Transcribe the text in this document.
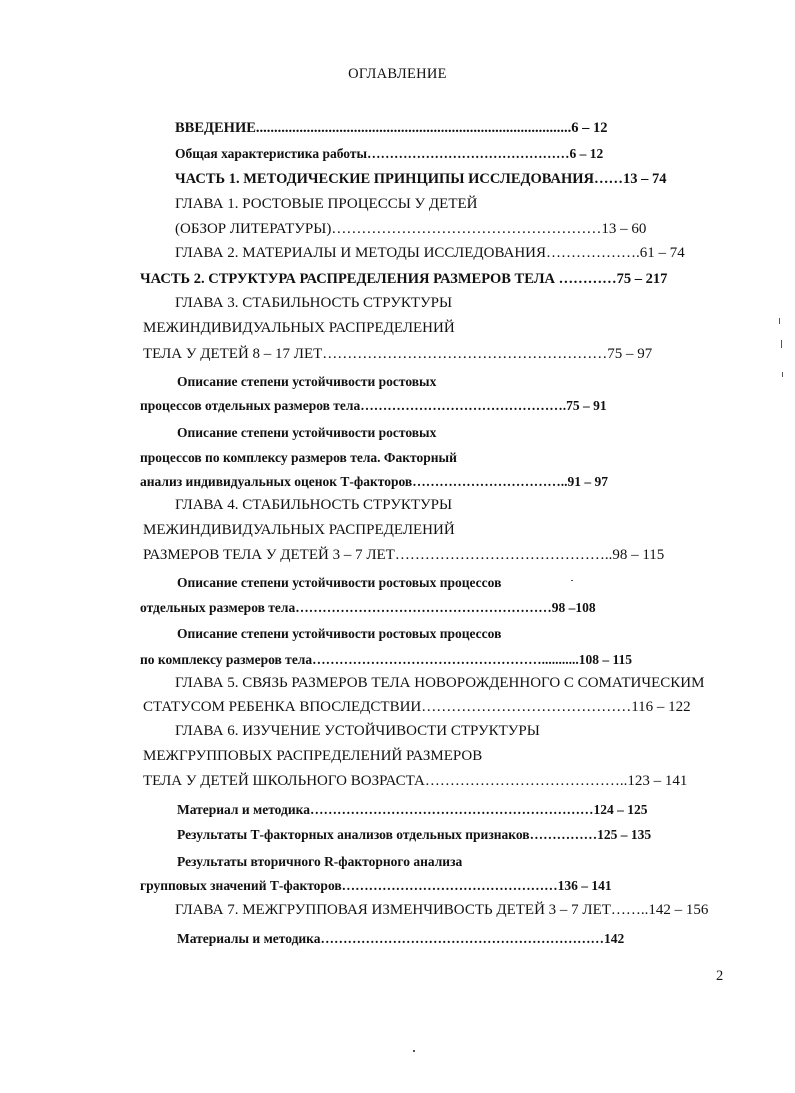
ОГЛАВЛЕНИЕ
ВВЕДЕНИЕ.......................................................................................6 – 12
Общая характеристика работы………………………………………6 – 12
ЧАСТЬ 1. МЕТОДИЧЕСКИЕ ПРИНЦИПЫ ИССЛЕДОВАНИЯ……13 – 74
ГЛАВА 1. РОСТОВЫЕ ПРОЦЕССЫ У ДЕТЕЙ
(ОБЗОР ЛИТЕРАТУРЫ)………………………………………………13 – 60
ГЛАВА 2. МАТЕРИАЛЫ И МЕТОДЫ ИССЛЕДОВАНИЯ……………….61 – 74
ЧАСТЬ 2. СТРУКТУРА РАСПРЕДЕЛЕНИЯ РАЗМЕРОВ ТЕЛА …………75 – 217
ГЛАВА 3. СТАБИЛЬНОСТЬ СТРУКТУРЫ
МЕЖИНДИВИДУАЛЬНЫХ РАСПРЕДЕЛЕНИЙ
ТЕЛА У ДЕТЕЙ 8 – 17 ЛЕТ…………………………………………………75 – 97
Описание степени устойчивости ростовых
процессов отдельных размеров тела……………………………………….75 – 91
Описание степени устойчивости ростовых
процессов по комплексу размеров тела. Факторный
анализ индивидуальных оценок Т-факторов……………………………..91 – 97
ГЛАВА 4. СТАБИЛЬНОСТЬ СТРУКТУРЫ
МЕЖИНДИВИДУАЛЬНЫХ РАСПРЕДЕЛЕНИЙ
РАЗМЕРОВ ТЕЛА У ДЕТЕЙ 3 – 7 ЛЕТ……………………………………..98 – 115
Описание степени устойчивости ростовых процессов
отдельных размеров тела…………………………………………………98 –108
Описание степени устойчивости ростовых процессов
по комплексу размеров тела……………………………………………...........108 – 115
ГЛАВА 5. СВЯЗЬ РАЗМЕРОВ ТЕЛА НОВОРОЖДЕННОГО С СОМАТИЧЕСКИМ
СТАТУСОМ РЕБЕНКА ВПОСЛЕДСТВИИ……………………………………116 – 122
ГЛАВА 6. ИЗУЧЕНИЕ УСТОЙЧИВОСТИ СТРУКТУРЫ
МЕЖГРУППОВЫХ РАСПРЕДЕЛЕНИЙ РАЗМЕРОВ
ТЕЛА У ДЕТЕЙ ШКОЛЬНОГО ВОЗРАСТА…………………………………..123 – 141
Материал и методика………………………………………………………124 – 125
Результаты Т-факторных анализов отдельных признаков……………125 – 135
Результаты вторичного R-факторного анализа
групповых значений Т-факторов…………………………………………136 – 141
ГЛАВА 7. МЕЖГРУППОВАЯ ИЗМЕНЧИВОСТЬ ДЕТЕЙ 3 – 7 ЛЕТ……..142 – 156
Материалы и методика………………………………………………………142
2
